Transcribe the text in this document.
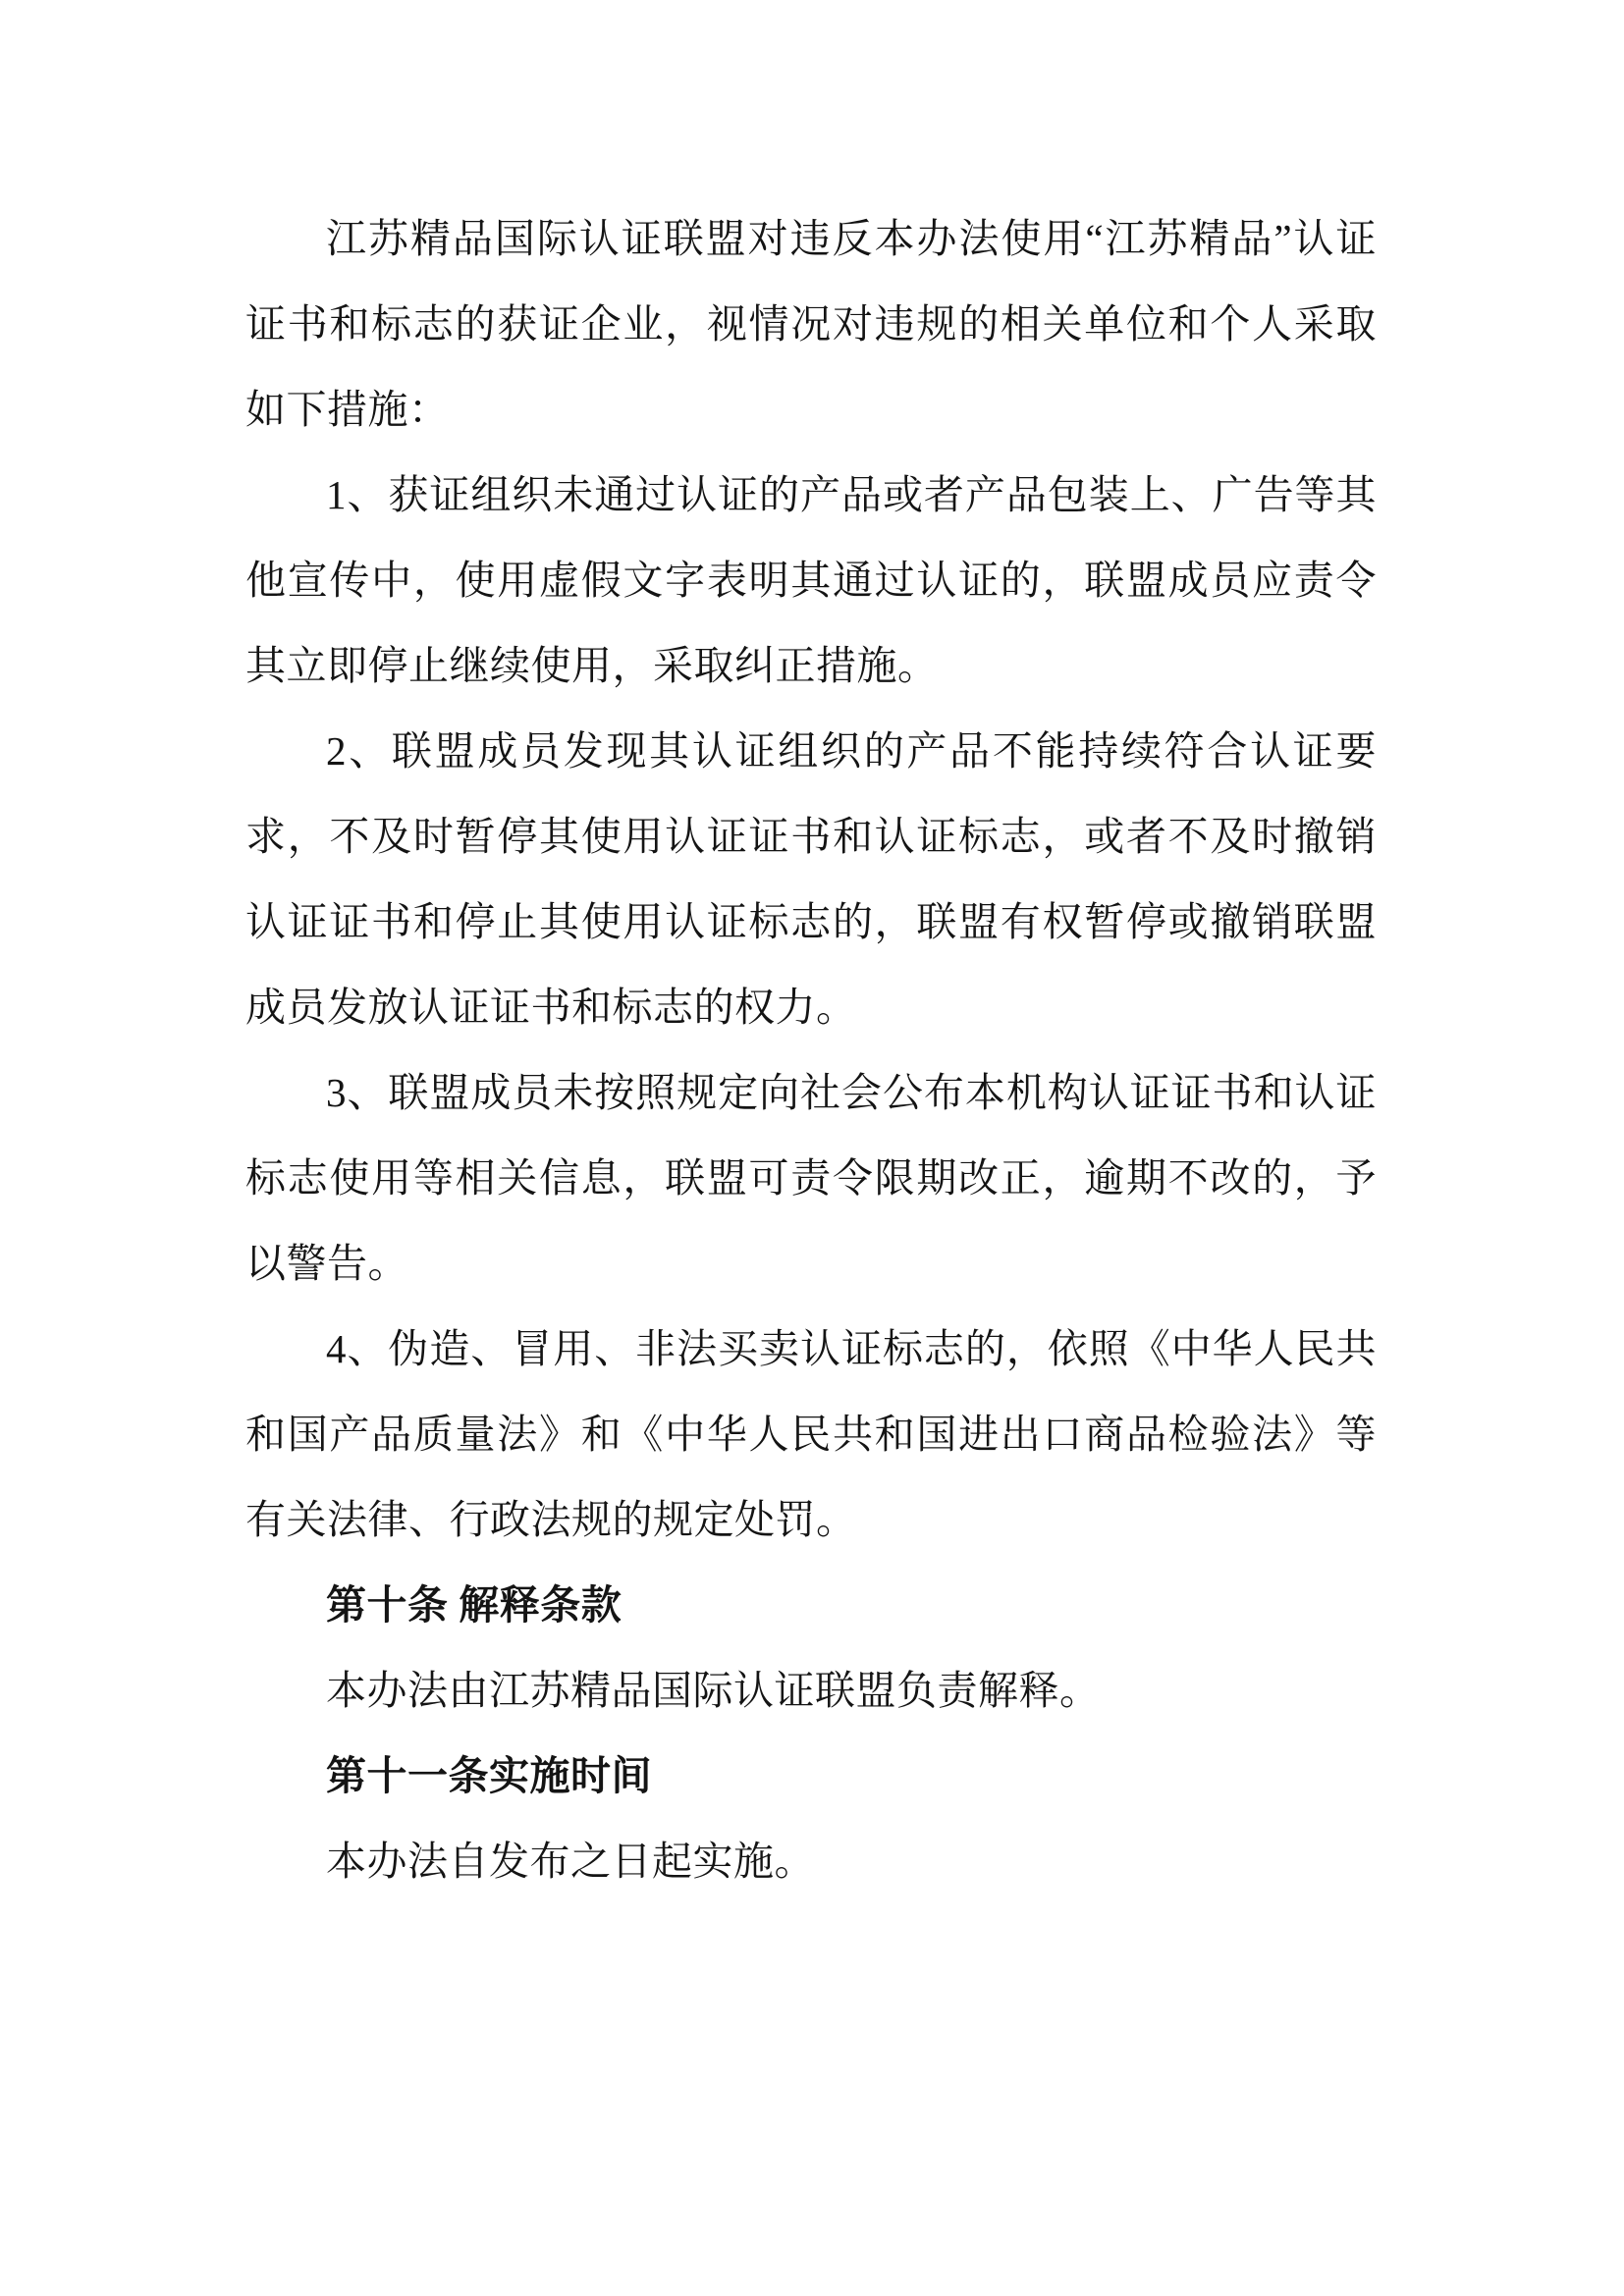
江苏精品国际认证联盟对违反本办法使用“江苏精品”认证证书和标志的获证企业，视情况对违规的相关单位和个人采取如下措施：

1、获证组织未通过认证的产品或者产品包装上、广告等其他宣传中，使用虚假文字表明其通过认证的，联盟成员应责令其立即停止继续使用，采取纠正措施。

2、联盟成员发现其认证组织的产品不能持续符合认证要求，不及时暂停其使用认证证书和认证标志，或者不及时撤销认证证书和停止其使用认证标志的，联盟有权暂停或撤销联盟成员发放认证证书和标志的权力。

3、联盟成员未按照规定向社会公布本机构认证证书和认证标志使用等相关信息，联盟可责令限期改正，逾期不改的，予以警告。

4、伪造、冒用、非法买卖认证标志的，依照《中华人民共和国产品质量法》和《中华人民共和国进出口商品检验法》等有关法律、行政法规的规定处罚。

第十条 解释条款

本办法由江苏精品国际认证联盟负责解释。

第十一条实施时间

本办法自发布之日起实施。
